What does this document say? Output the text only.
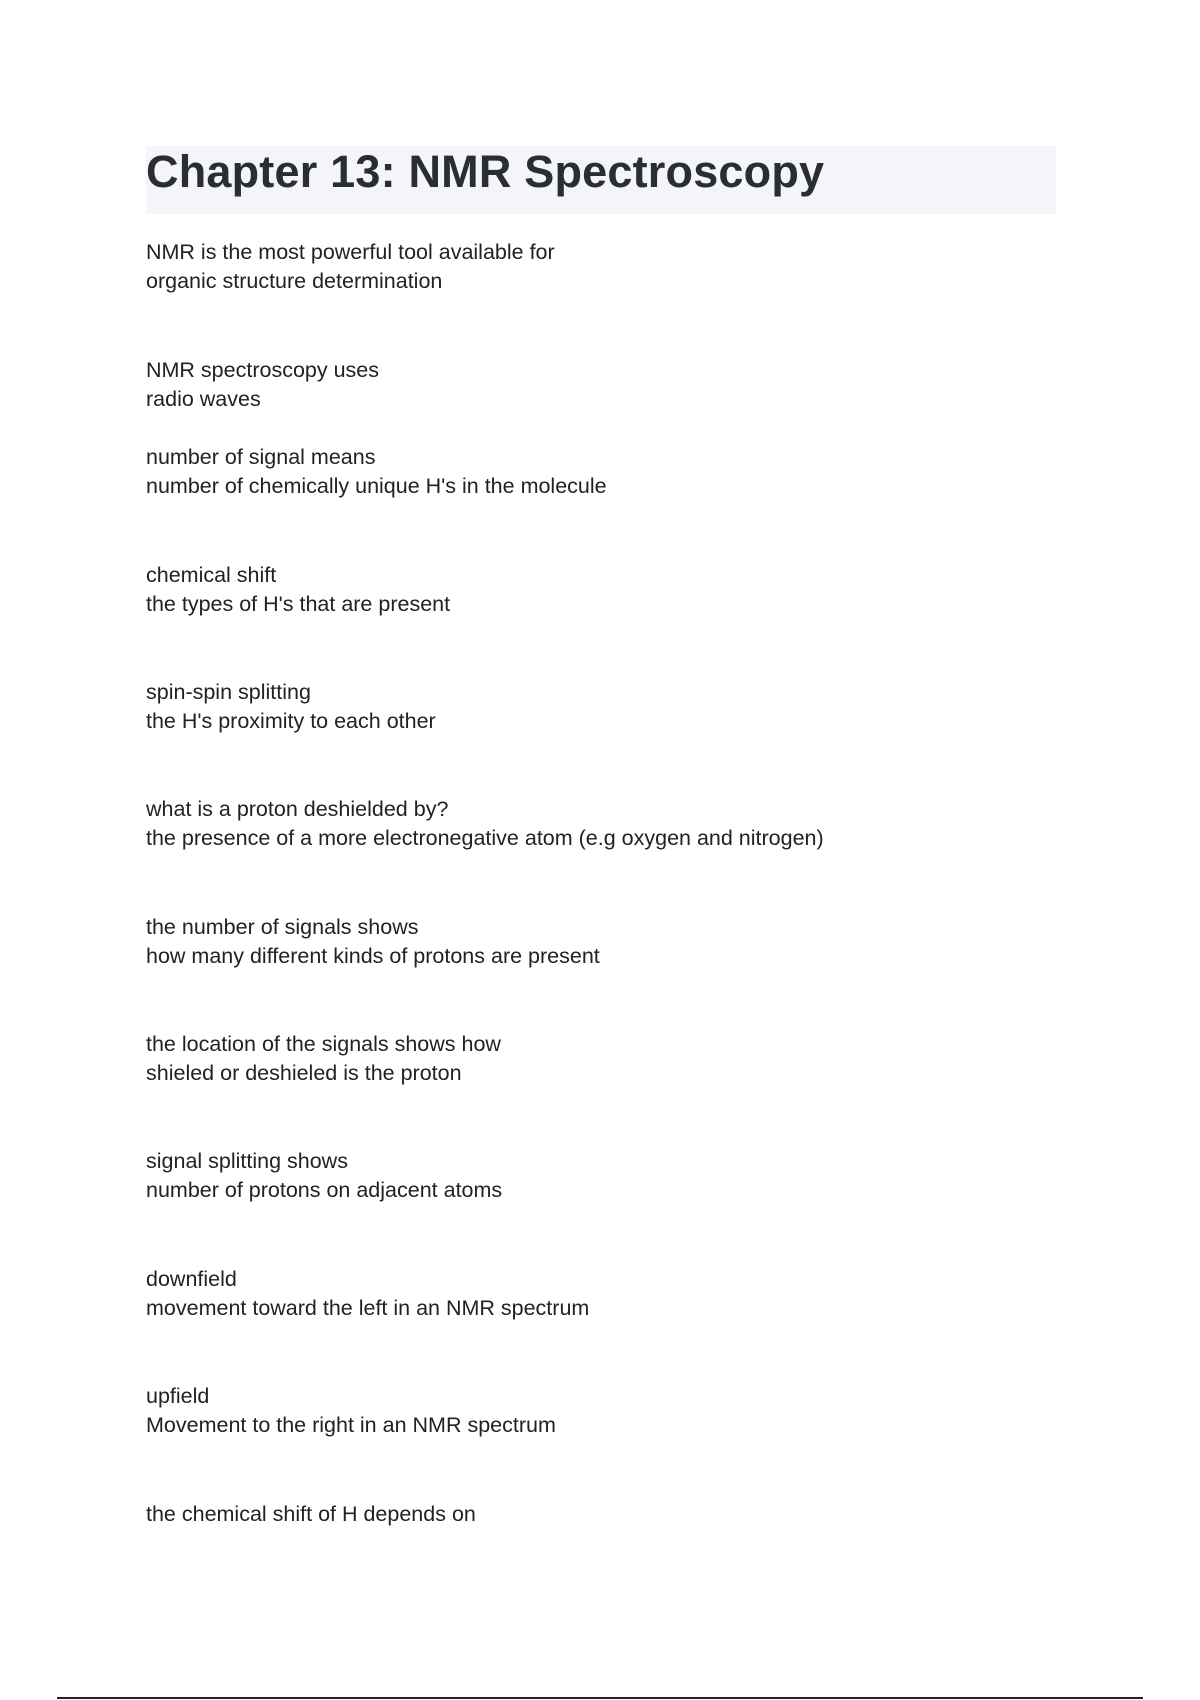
Chapter 13: NMR Spectroscopy
NMR is the most powerful tool available for
organic structure determination
NMR spectroscopy uses
radio waves
number of signal means
number of chemically unique H's in the molecule
chemical shift
the types of H's that are present
spin-spin splitting
the H's proximity to each other
what is a proton deshielded by?
the presence of a more electronegative atom (e.g oxygen and nitrogen)
the number of signals shows
how many different kinds of protons are present
the location of the signals shows how
shieled or deshieled is the proton
signal splitting shows
number of protons on adjacent atoms
downfield
movement toward the left in an NMR spectrum
upfield
Movement to the right in an NMR spectrum
the chemical shift of H depends on
